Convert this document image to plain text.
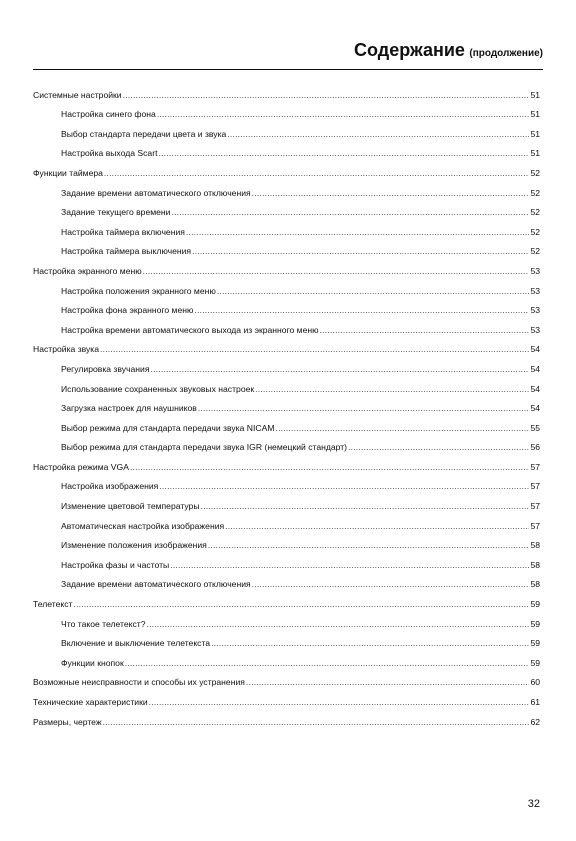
Содержание (продолжение)
Системные настройки .....	51
Настройка синего фона .....	51
Выбор стандарта передачи цвета и звука .....	51
Настройка выхода Scart .....	51
Функции таймера .....	52
Задание времени автоматического отключения .....	52
Задание текущего времени .....	52
Настройка таймера включения .....	52
Настройка таймера выключения .....	52
Настройка экранного меню .....	53
Настройка положения экранного меню .....	53
Настройка фона экранного меню .....	53
Настройка времени автоматического выхода из экранного меню .....	53
Настройка звука .....	54
Регулировка звучания .....	54
Использование сохраненных звуковых настроек .....	54
Загрузка настроек для наушников .....	54
Выбор режима для стандарта передачи звука NICAM .....	55
Выбор режима для стандарта передачи звука IGR (немецкий стандарт) .....	56
Настройка режима VGA .....	57
Настройка изображения .....	57
Изменение цветовой температуры .....	57
Автоматическая настройка изображения .....	57
Изменение положения изображения .....	58
Настройка фазы и частоты .....	58
Задание времени автоматического отключения .....	58
Телетекст .....	59
Что такое телетекст? .....	59
Включение и выключение телетекста .....	59
Функции кнопок .....	59
Возможные неисправности и способы их устранения .....	60
Технические характеристики .....	61
Размеры, чертеж .....	62
32
